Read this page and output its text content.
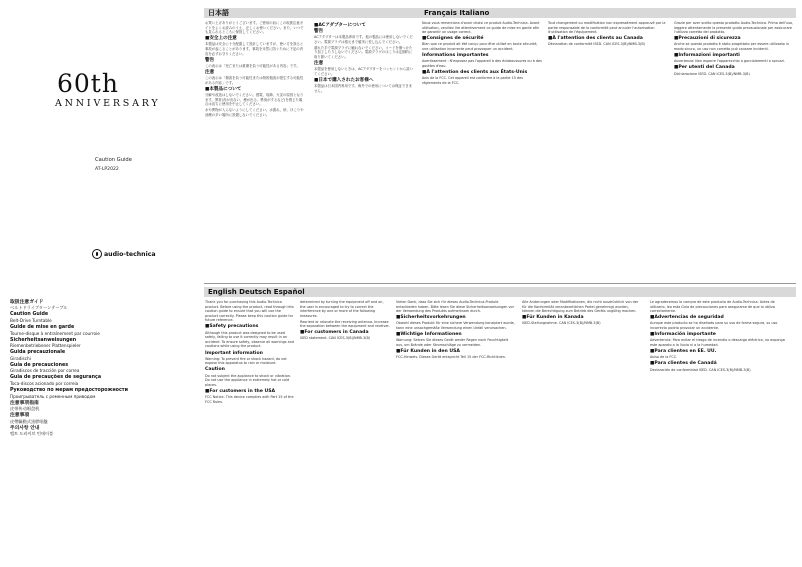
60th
ANNIVERSARY
Caution Guide
AT-LP2022
audio-technica
取扱注意ガイド
ベルトドライブターンテーブル
Caution Guide
Belt-Drive Turntable
Guide de mise en garde
Tourne-disque à entraînement par courroie
Sicherheitsanweisungen
Riemenbetriebener Plattenspieler
Guida precauzionale
Giradischi
Guía de precauciones
Giradiscos de tracción por correa
Guia de precauções de segurança
Toca-discos acionado por correia
Руководство по мерам предосторожности
Проигрыватель с ременным приводом
注意事项指南
皮带传动唱盘机
注意事項
皮帶驅動式黑膠唱盤
주의사항 안내
벨트 드라이브 턴테이블
日本語	Français Italiano

お買い上げありがとうございます。ご使用の前にこの取扱注意ガイドをよくお読みのうえ、正しくお使いください。また、いつでも見られるところに保管してください。

■安全上の注意

本製品は安全に十分配慮して設計していますが、使い方を誤ると事故が起こることがあります。事故を未然に防ぐために下記の内容を必ずお守りください。

警告

この表示は「死亡または重傷を負う可能性がある内容」です。

注意

この表示は「傷害を負う可能性または物的損害が発生する可能性がある内容」です。

■本製品について

分解や改造はしないでください。感電、故障、火災の原因となります。異常(音が出ない、煙が出る、異臭がするなど)を感じた場合は直ちに使用を中止してください。

水や異物が入らないようにしてください。水濡れ、砂、ほこりや油煙の多い場所に設置しないでください。

■ACアダプターについて
警告

ACアダプターは本製品専用です。他の製品には使用しないでください。電源プラグは根元まで確実に差し込んでください。

濡れた手で電源プラグに触れないでください。コードを傷つけたり加工したりしないでください。電源プラグのほこりは定期的に取り除いてください。

注意

本製品を使用しないときは、ACアダプターをコンセントから抜いてください。

■日本で購入されたお客様へ

本製品は日本国内専用です。海外での使用については保証できません。

Nous vous remercions d'avoir choisi ce produit Audio-Technica. Avant utilisation, veuillez lire attentivement ce guide de mise en garde afin de garantir un usage correct.

■Consignes de sécurité

Bien que ce produit ait été conçu pour être utilisé en toute sécurité, une utilisation incorrecte peut provoquer un accident.

Informations importantes

Avertissement : N'exposez pas l'appareil à des éclaboussures ou à des gouttes d'eau.

■À l'attention des clients aux États-Unis

Avis de la FCC. Cet appareil est conforme à la partie 15 des règlements de la FCC.

Tout changement ou modification non expressément approuvé par la partie responsable de la conformité peut annuler l'autorisation d'utilisation de l'équipement.

■À l'attention des clients au Canada

Déclaration de conformité ISED. CAN ICES-3(B)/NMB-3(B)

Grazie per aver scelto questo prodotto Audio-Technica. Prima dell'uso, leggere attentamente la presente guida precauzionale per assicurare l'utilizzo corretto del prodotto.

■Precauzioni di sicurezza

Anche se questo prodotto è stato progettato per essere utilizzato in modo sicuro, un uso non corretto può causare incidenti.

■Informazioni importanti

Avvertenza: Non esporre l'apparecchio a gocciolamenti o spruzzi.

■Per utenti del Canada

Dichiarazione ISED. CAN ICES-3(B)/NMB-3(B)

English Deutsch Español

Thank you for purchasing this Audio-Technica product. Before using the product, read through this caution guide to ensure that you will use the product correctly. Please keep this caution guide for future reference.

■Safety precautions

Although this product was designed to be used safely, failing to use it correctly may result in an accident. To ensure safety, observe all warnings and cautions while using the product.

Important information

Warning: To prevent fire or shock hazard, do not expose this apparatus to rain or moisture.

Caution

Do not subject the appliance to shock or vibration. Do not use the appliance in extremely hot or cold places.

■For customers in the USA

FCC Notice. This device complies with Part 15 of the FCC Rules.

determined by turning the equipment off and on, the user is encouraged to try to correct the interference by one or more of the following measures.

Reorient or relocate the receiving antenna. Increase the separation between the equipment and receiver.

■For customers in Canada

ISED statement. CAN ICES-3(B)/NMB-3(B)

Vielen Dank, dass Sie sich für dieses Audio-Technica-Produkt entschieden haben. Bitte lesen Sie diese Sicherheitsanweisungen vor der Verwendung des Produkts aufmerksam durch.

■Sicherheitsvorkehrungen

Obwohl dieses Produkt für eine sichere Verwendung konzipiert wurde, kann eine unsachgemäße Verwendung einen Unfall verursachen.

■Wichtige Informationen

Warnung: Setzen Sie dieses Gerät weder Regen noch Feuchtigkeit aus, um Brände oder Stromschläge zu vermeiden.

■Für Kunden in den USA

FCC-Hinweis. Dieses Gerät entspricht Teil 15 der FCC-Richtlinien.

Alle Änderungen oder Modifikationen, die nicht ausdrücklich von der für die Konformität verantwortlichen Partei genehmigt wurden, können die Berechtigung zum Betrieb des Geräts ungültig machen.

■Für Kunden in Kanada

ISED-Stellungnahme. CAN ICES-3(B)/NMB-3(B)

Le agradecemos la compra de este producto de Audio-Technica. Antes de utilizarlo, lea esta Guía de precauciones para asegurarse de que lo utiliza correctamente.

■Advertencias de seguridad

Aunque este producto se ha diseñado para su uso de forma segura, su uso incorrecto podría provocar un accidente.

■Información importante

Advertencia: Para evitar el riesgo de incendio o descarga eléctrica, no exponga este aparato a la lluvia ni a la humedad.

■Para clientes en EE. UU.

Aviso de la FCC.

■Para clientes de Canadá

Declaración de conformidad ISED. CAN ICES-3(B)/NMB-3(B)
